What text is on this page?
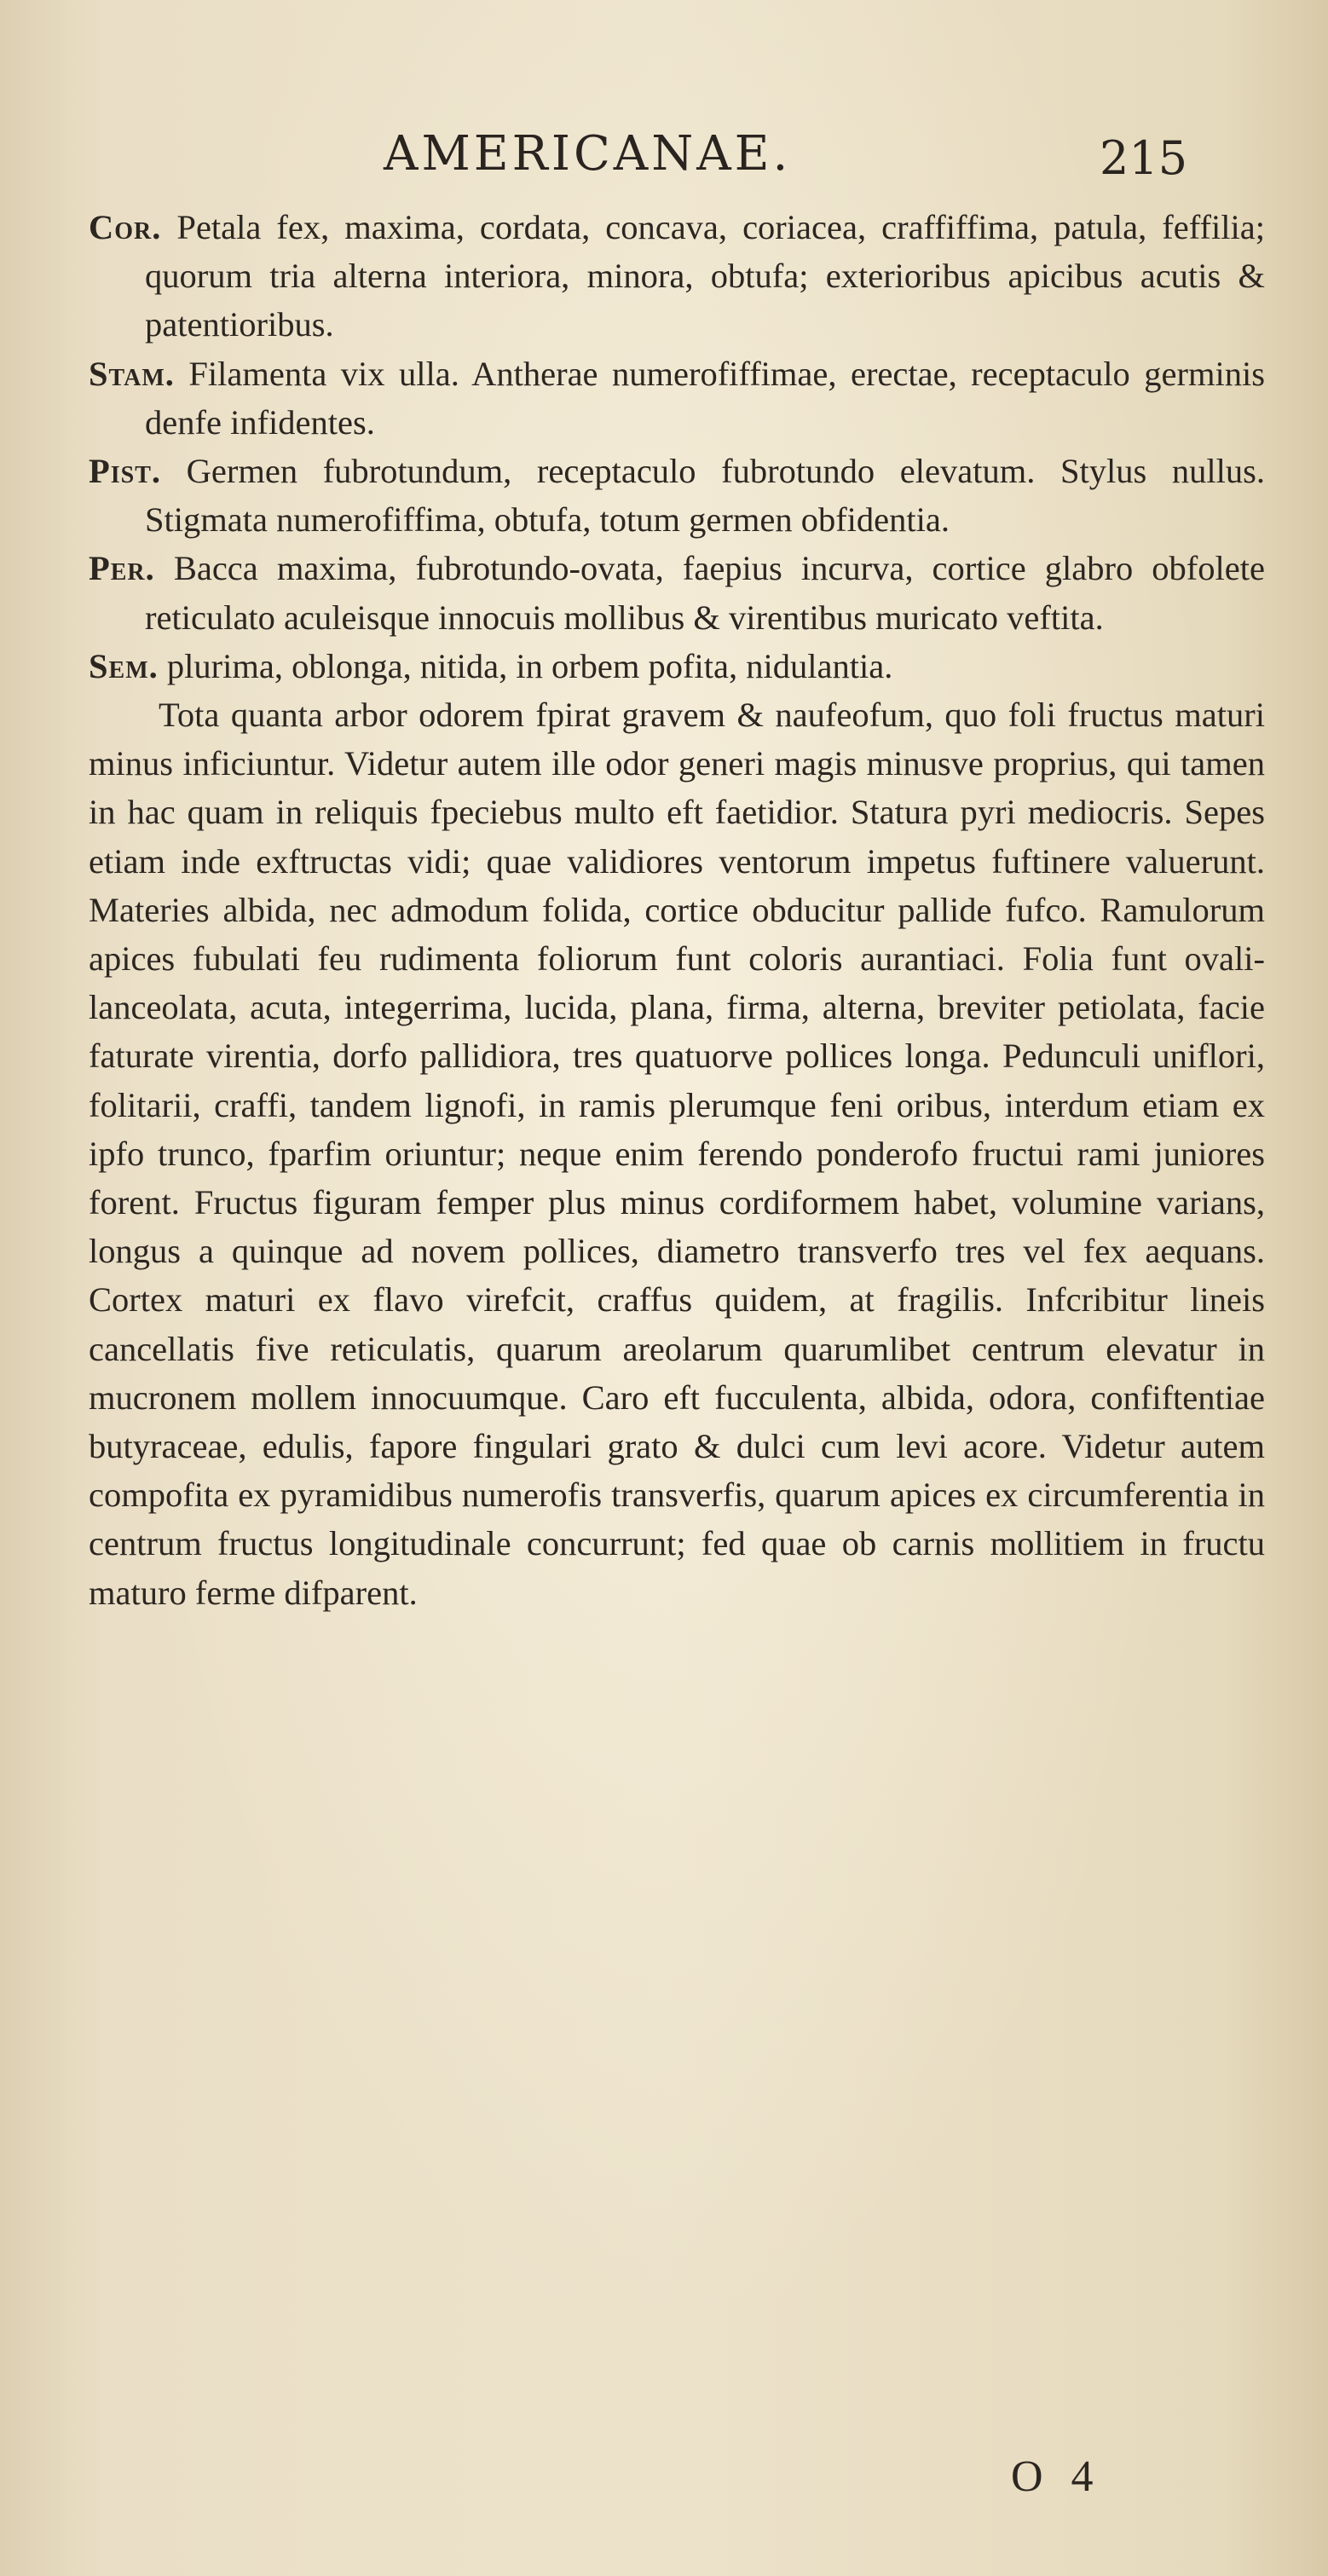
AMERICANAE.	215

Cor. Petala fex, maxima, cordata, concava, coriacea, craffiffima, patula, feffilia; quorum tria alterna interiora, minora, obtufa; exterioribus apicibus acutis & patentioribus.

Stam. Filamenta vix ulla. Antherae numerofiffimae, erectae, receptaculo germinis denfe infidentes.

Pist. Germen fubrotundum, receptaculo fubrotundo elevatum. Stylus nullus. Stigmata numerofiffima, obtufa, totum germen obfidentia.

Per. Bacca maxima, fubrotundo-ovata, faepius incurva, cortice glabro obfolete reticulato aculeisque innocuis mollibus & virentibus muricato veftita.

Sem. plurima, oblonga, nitida, in orbem pofita, nidulantia.

Tota quanta arbor odorem fpirat gravem & naufeofum, quo foli fructus maturi minus inficiuntur. Videtur autem ille odor generi magis minusve proprius, qui tamen in hac quam in reliquis fpeciebus multo eft faetidior. Statura pyri mediocris. Sepes etiam inde exftructas vidi; quae validiores ventorum impetus fuftinere valuerunt. Materies albida, nec admodum folida, cortice obducitur pallide fufco. Ramulorum apices fubulati feu rudimenta foliorum funt coloris aurantiaci. Folia funt ovali-lanceolata, acuta, integerrima, lucida, plana, firma, alterna, breviter petiolata, facie faturate virentia, dorfo pallidiora, tres quatuorve pollices longa. Pedunculi uniflori, folitarii, craffi, tandem lignofi, in ramis plerumque feni oribus, interdum etiam ex ipfo trunco, fparfim oriuntur; neque enim ferendo ponderofo fructui rami juniores forent. Fructus figuram femper plus minus cordiformem habet, volumine varians, longus a quinque ad novem pollices, diametro transverfo tres vel fex aequans. Cortex maturi ex flavo virefcit, craffus quidem, at fragilis. Infcribitur lineis cancellatis five reticulatis, quarum areolarum quarumlibet centrum elevatur in mucronem mollem innocuumque. Caro eft fucculenta, albida, odora, confiftentiae butyraceae, edulis, fapore fingulari grato & dulci cum levi acore. Videtur autem compofita ex pyramidibus numerofis transverfis, quarum apices ex circumferentia in centrum fructus longitudinale concurrunt; fed quae ob carnis mollitiem in fructu maturo ferme difparent.

O 4
